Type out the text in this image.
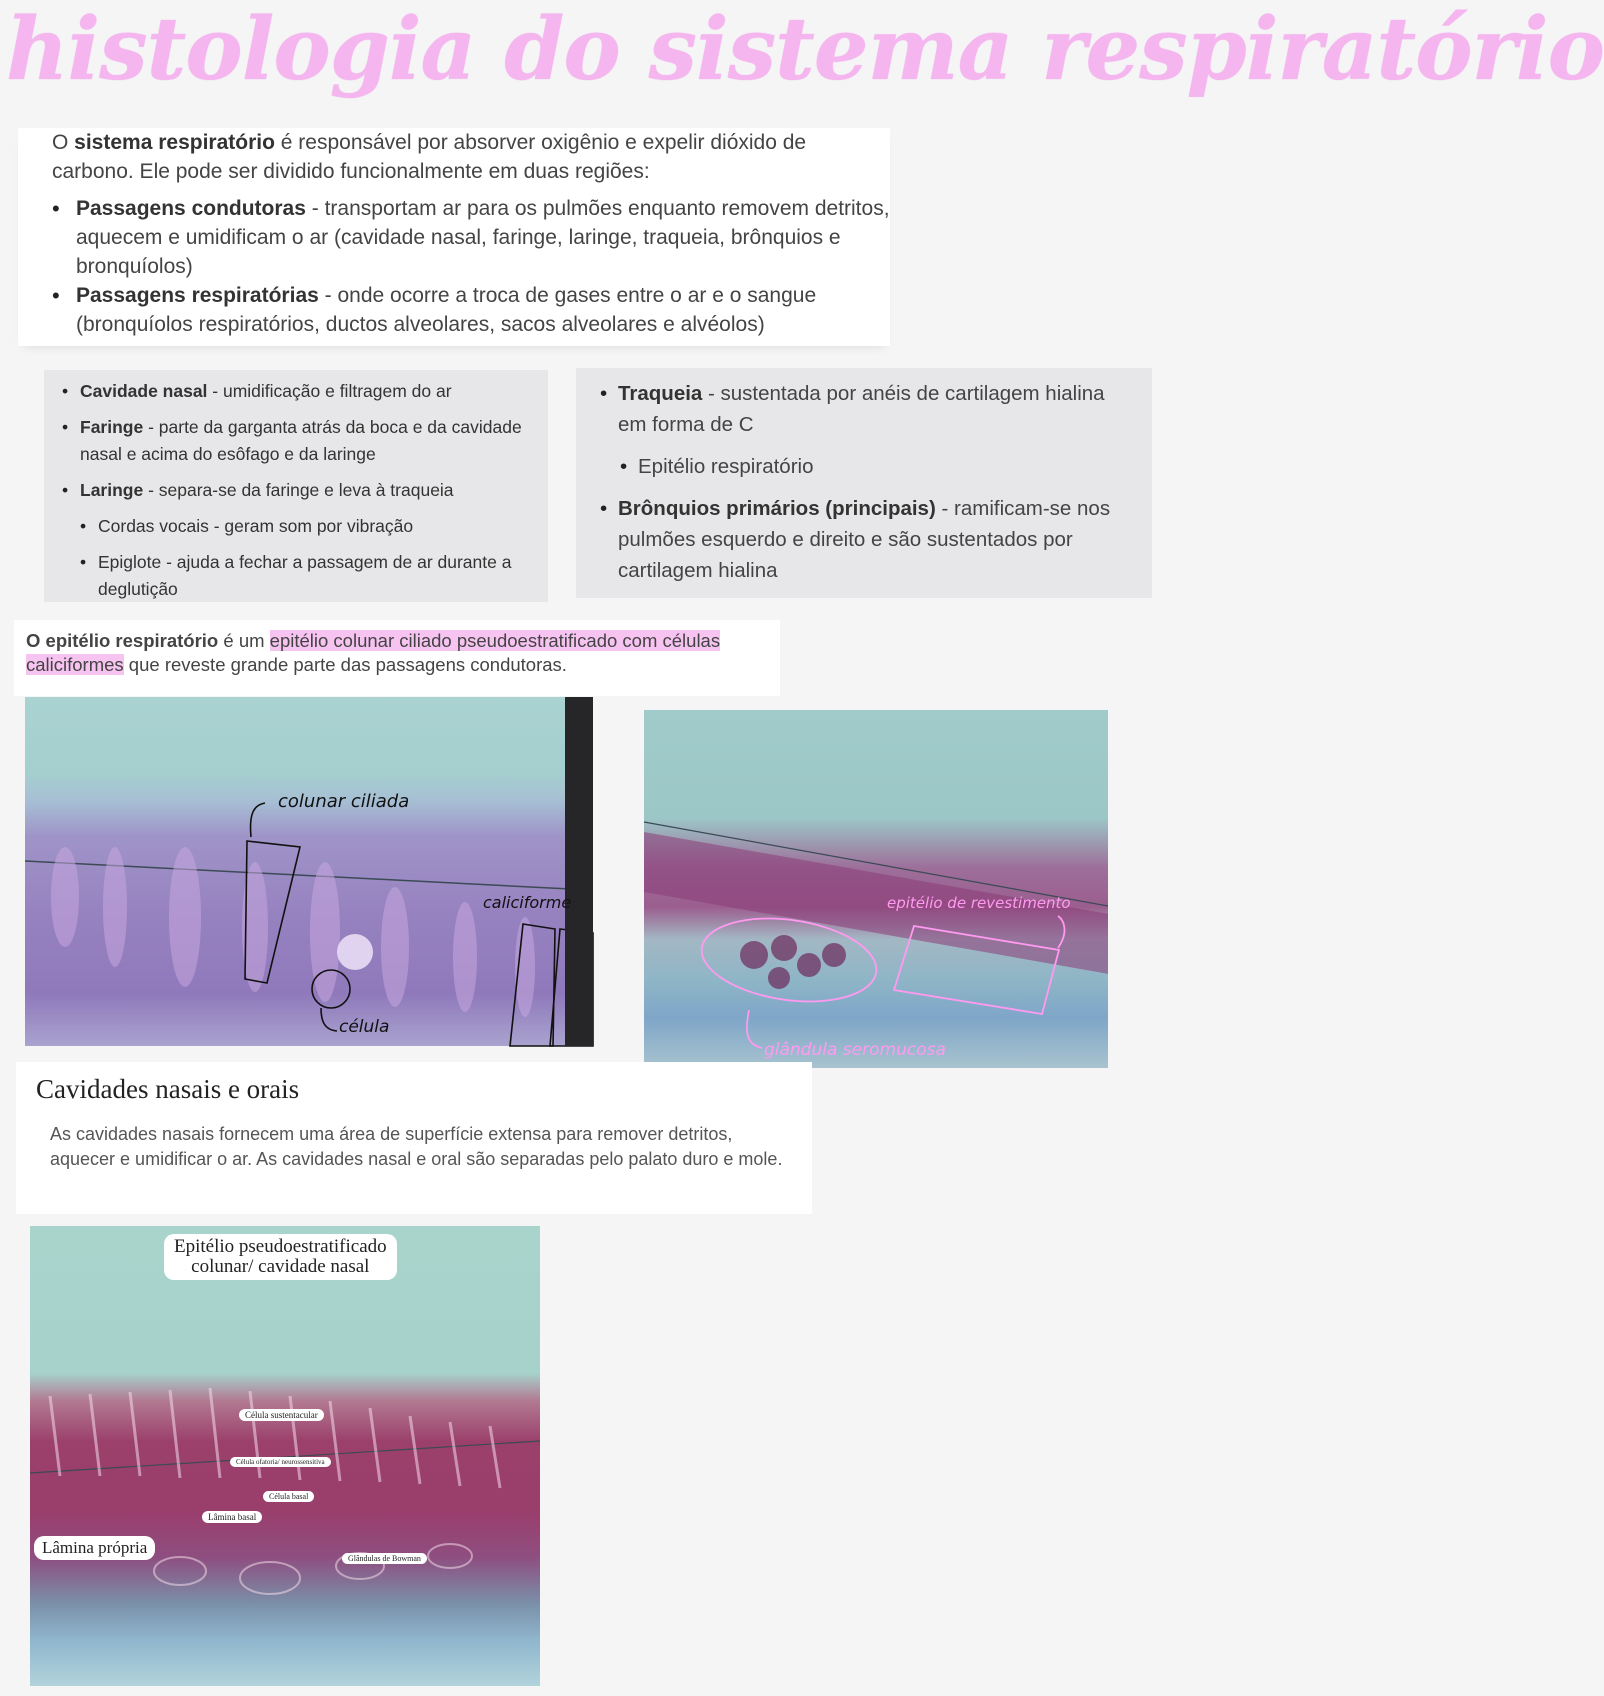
histologia do sistema respiratório

O sistema respiratório é responsável por absorver oxigênio e expelir dióxido de carbono. Ele pode ser dividido funcionalmente em duas regiões:

• Passagens condutoras - transportam ar para os pulmões enquanto removem detritos, aquecem e umidificam o ar (cavidade nasal, faringe, laringe, traqueia, brônquios e bronquíolos)
• Passagens respiratórias - onde ocorre a troca de gases entre o ar e o sangue (bronquíolos respiratórios, ductos alveolares, sacos alveolares e alvéolos)
• Cavidade nasal - umidificação e filtragem do ar
• Faringe - parte da garganta atrás da boca e da cavidade nasal e acima do esôfago e da laringe
• Laringe - separa-se da faringe e leva à traqueia
• Cordas vocais - geram som por vibração
• Epiglote - ajuda a fechar a passagem de ar durante a deglutição
• Traqueia - sustentada por anéis de cartilagem hialina em forma de C
• Epitélio respiratório
• Brônquios primários (principais) - ramificam-se nos pulmões esquerdo e direito e são sustentados por cartilagem hialina

O epitélio respiratório é um epitélio colunar ciliado pseudoestratificado com células
caliciformes que reveste grande parte das passagens condutoras.

colunar ciliada
caliciforme
célula
epitélio de revestimento
glândula seromucosa
Cavidades nasais e orais

As cavidades nasais fornecem uma área de superfície extensa para remover detritos, aquecer e umidificar o ar. As cavidades nasal e oral são separadas pelo palato duro e mole.

Epitélio pseudoestratificado
colunar/ cavidade nasal
Célula sustentacular
Célula ofatoria/ neurossensitiva
Célula basal
Lâmina basal
Lâmina própria
Glândulas de Bowman
